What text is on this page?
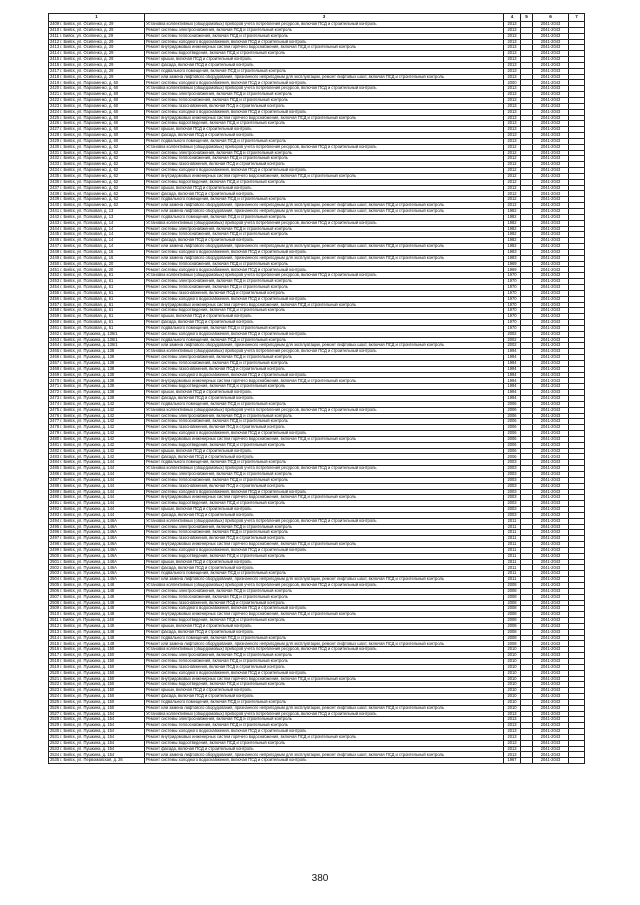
1		3	4	5	6	7
2409 г. Бийск, ул. Осипенко, д. 29		Установка коллективных (общедомовых) приборов учета потребления ресурсов, включая ПСД и строительный контроль	2013		2041-2043	
2410 г. Бийск, ул. Осипенко, д. 29		Ремонт системы электроснабжения, включая ПСД и строительный контроль	2013		2041-2043	
2411 г. Бийск, ул. Осипенко, д. 29		Ремонт системы теплоснабжения, включая ПСД и строительный контроль	2013		2041-2043	
2412 г. Бийск, ул. Осипенко, д. 29		Ремонт системы холодного водоснабжения, включая ПСД и строительный контроль	2013		2041-2043	
2413 г. Бийск, ул. Осипенко, д. 29		Ремонт внутридомовых инженерных систем горячего водоснабжения, включая ПСД и строительный контроль	2013		2041-2043	
2414 г. Бийск, ул. Осипенко, д. 29		Ремонт системы водоотведения, включая ПСД и строительный контроль	2013		2041-2043	
2415 г. Бийск, ул. Осипенко, д. 29		Ремонт крыши, включая ПСД и строительный контроль	2013		2041-2043	
2416 г. Бийск, ул. Осипенко, д. 29		Ремонт фасада, включая ПСД и строительный контроль	2013		2041-2043	
2417 г. Бийск, ул. Осипенко, д. 29		Ремонт подвального помещения, включая ПСД и строительный контроль	2013		2041-2043	
2418 г. Бийск, ул. Осипенко, д. 29		Ремонт или замена лифтового оборудования, признанного непригодным для эксплуатации, ремонт лифтовых шахт, включая ПСД и строительный контроль	2013		2041-2043	
2419 г. Бийск, ул. Пархоменко, д. 60		Ремонт системы холодного водоснабжения, включая ПСД и строительный контроль	2000		2041-2043	
2420 г. Бийск, ул. Пархоменко, д. 60		Установка коллективных (общедомовых) приборов учета потребления ресурсов, включая ПСД и строительный контроль	2013		2041-2043	
2421 г. Бийск, ул. Пархоменко, д. 60		Ремонт системы электроснабжения, включая ПСД и строительный контроль	2013		2041-2043	
2422 г. Бийск, ул. Пархоменко, д. 60		Ремонт системы теплоснабжения, включая ПСД и строительный контроль	2013		2041-2043	
2423 г. Бийск, ул. Пархоменко, д. 60		Ремонт системы газоснабжения, включая ПСД и строительный контроль	2013		2041-2043	
2424 г. Бийск, ул. Пархоменко, д. 60		Ремонт системы холодного водоснабжения, включая ПСД и строительный контроль	2013		2041-2043	
2425 г. Бийск, ул. Пархоменко, д. 60		Ремонт внутридомовых инженерных систем горячего водоснабжения, включая ПСД и строительный контроль	2013		2041-2043	
2426 г. Бийск, ул. Пархоменко, д. 60		Ремонт системы водоотведения, включая ПСД и строительный контроль	2013		2041-2043	
2427 г. Бийск, ул. Пархоменко, д. 60		Ремонт крыши, включая ПСД и строительный контроль	2013		2041-2043	
2428 г. Бийск, ул. Пархоменко, д. 60		Ремонт фасада, включая ПСД и строительный контроль	2013		2041-2043	
2429 г. Бийск, ул. Пархоменко, д. 60		Ремонт подвального помещения, включая ПСД и строительный контроль	2013		2041-2043	
2430 г. Бийск, ул. Пархоменко, д. 62		Установка коллективных (общедомовых) приборов учета потребления ресурсов, включая ПСД и строительный контроль	2012		2041-2043	
2431 г. Бийск, ул. Пархоменко, д. 62		Ремонт системы электроснабжения, включая ПСД и строительный контроль	2012		2041-2043	
2432 г. Бийск, ул. Пархоменко, д. 62		Ремонт системы теплоснабжения, включая ПСД и строительный контроль	2012		2041-2043	
2433 г. Бийск, ул. Пархоменко, д. 62		Ремонт системы газоснабжения, включая ПСД и строительный контроль	2012		2041-2043	
2434 г. Бийск, ул. Пархоменко, д. 62		Ремонт системы холодного водоснабжения, включая ПСД и строительный контроль	2012		2041-2043	
2435 г. Бийск, ул. Пархоменко, д. 62		Ремонт внутридомовых инженерных систем горячего водоснабжения, включая ПСД и строительный контроль	2012		2041-2043	
2436 г. Бийск, ул. Пархоменко, д. 62		Ремонт системы водоотведения, включая ПСД и строительный контроль	2012		2041-2043	
2437 г. Бийск, ул. Пархоменко, д. 62		Ремонт крыши, включая ПСД и строительный контроль	2012		2041-2043	
2438 г. Бийск, ул. Пархоменко, д. 62		Ремонт фасада, включая ПСД и строительный контроль	2012		2041-2043	
2439 г. Бийск, ул. Пархоменко, д. 62		Ремонт подвального помещения, включая ПСД и строительный контроль	2012		2041-2043	
2440 г. Бийск, ул. Пархоменко, д. 62		Ремонт или замена лифтового оборудования, признанного непригодным для эксплуатации, ремонт лифтовых шахт, включая ПСД и строительный контроль	2012		2041-2043	
2441 г. Бийск, ул. Полковая, д. 13		Ремонт или замена лифтового оборудования, признанного непригодным для эксплуатации, ремонт лифтовых шахт, включая ПСД и строительный контроль	1982		2041-2043	
2442 г. Бийск, ул. Полковая, д. 13		Ремонт подвального помещения, включая ПСД и строительный контроль	1982		2041-2043	
2443 г. Бийск, ул. Полковая, д. 14		Установка коллективных (общедомовых) приборов учета потребления ресурсов, включая ПСД и строительный контроль	1982		2041-2043	
2444 г. Бийск, ул. Полковая, д. 14		Ремонт системы электроснабжения, включая ПСД и строительный контроль	1982		2041-2043	
2445 г. Бийск, ул. Полковая, д. 14		Ремонт системы теплоснабжения, включая ПСД и строительный контроль	1982		2041-2043	
2446 г. Бийск, ул. Полковая, д. 14		Ремонт фасада, включая ПСД и строительный контроль	1982		2041-2043	
2447 г. Бийск, ул. Полковая, д. 14		Ремонт или замена лифтового оборудования, признанного непригодным для эксплуатации, ремонт лифтовых шахт, включая ПСД и строительный контроль	1982		2041-2043	
2448 г. Бийск, ул. Полковая, д. 16		Ремонт системы холодного водоснабжения, включая ПСД и строительный контроль	1983		2041-2043	
2449 г. Бийск, ул. Полковая, д. 16		Ремонт или замена лифтового оборудования, признанного непригодным для эксплуатации, ремонт лифтовых шахт, включая ПСД и строительный контроль	1983		2041-2043	
2450 г. Бийск, ул. Полковая, д. 20		Ремонт системы теплоснабжения, включая ПСД и строительный контроль	1969		2041-2043	
2451 г. Бийск, ул. Полковая, д. 20		Ремонт системы холодного водоснабжения, включая ПСД и строительный контроль	1969		2041-2043	
2452 г. Бийск, ул. Полковая, д. 61		Установка коллективных (общедомовых) приборов учета потребления ресурсов, включая ПСД и строительный контроль	1970		2041-2043	
2453 г. Бийск, ул. Полковая, д. 61		Ремонт системы электроснабжения, включая ПСД и строительный контроль	1970		2041-2043	
2454 г. Бийск, ул. Полковая, д. 61		Ремонт системы теплоснабжения, включая ПСД и строительный контроль	1970		2041-2043	
2455 г. Бийск, ул. Полковая, д. 61		Ремонт системы газоснабжения, включая ПСД и строительный контроль	1970		2041-2043	
2456 г. Бийск, ул. Полковая, д. 61		Ремонт системы холодного водоснабжения, включая ПСД и строительный контроль	1970		2041-2043	
2457 г. Бийск, ул. Полковая, д. 61		Ремонт внутридомовых инженерных систем горячего водоснабжения, включая ПСД и строительный контроль	1970		2041-2043	
2458 г. Бийск, ул. Полковая, д. 61		Ремонт системы водоотведения, включая ПСД и строительный контроль	1970		2041-2043	
2459 г. Бийск, ул. Полковая, д. 61		Ремонт крыши, включая ПСД и строительный контроль	1970		2041-2043	
2460 г. Бийск, ул. Полковая, д. 61		Ремонт фасада, включая ПСД и строительный контроль	1970		2041-2043	
2461 г. Бийск, ул. Полковая, д. 61		Ремонт подвального помещения, включая ПСД и строительный контроль	1970		2041-2043	
2462 г. Бийск, ул. Пушкина, д. 136/1		Ремонт системы холодного водоснабжения, включая ПСД и строительный контроль	2002		2041-2043	
2463 г. Бийск, ул. Пушкина, д. 136/1		Ремонт подвального помещения, включая ПСД и строительный контроль	2002		2041-2043	
2464 г. Бийск, ул. Пушкина, д. 136/1		Ремонт или замена лифтового оборудования, признанного непригодным для эксплуатации, ремонт лифтовых шахт, включая ПСД и строительный контроль	2002		2041-2043	
2465 г. Бийск, ул. Пушкина, д. 138		Установка коллективных (общедомовых) приборов учета потребления ресурсов, включая ПСД и строительный контроль	1994		2041-2043	
2466 г. Бийск, ул. Пушкина, д. 138		Ремонт системы электроснабжения, включая ПСД и строительный контроль	1994		2041-2043	
2467 г. Бийск, ул. Пушкина, д. 138		Ремонт системы теплоснабжения, включая ПСД и строительный контроль	1994		2041-2043	
2468 г. Бийск, ул. Пушкина, д. 138		Ремонт системы газоснабжения, включая ПСД и строительный контроль	1994		2041-2043	
2469 г. Бийск, ул. Пушкина, д. 138		Ремонт системы холодного водоснабжения, включая ПСД и строительный контроль	1994		2041-2043	
2470 г. Бийск, ул. Пушкина, д. 138		Ремонт внутридомовых инженерных систем горячего водоснабжения, включая ПСД и строительный контроль	1994		2041-2043	
2471 г. Бийск, ул. Пушкина, д. 138		Ремонт системы водоотведения, включая ПСД и строительный контроль	1994		2041-2043	
2472 г. Бийск, ул. Пушкина, д. 138		Ремонт крыши, включая ПСД и строительный контроль	1994		2041-2043	
2473 г. Бийск, ул. Пушкина, д. 138		Ремонт фасада, включая ПСД и строительный контроль	1994		2041-2043	
2474 г. Бийск, ул. Пушкина, д. 142		Ремонт подвального помещения, включая ПСД и строительный контроль	2006		2041-2043	
2475 г. Бийск, ул. Пушкина, д. 142		Установка коллективных (общедомовых) приборов учета потребления ресурсов, включая ПСД и строительный контроль	2006		2041-2043	
2476 г. Бийск, ул. Пушкина, д. 142		Ремонт системы электроснабжения, включая ПСД и строительный контроль	2006		2041-2043	
2477 г. Бийск, ул. Пушкина, д. 142		Ремонт системы теплоснабжения, включая ПСД и строительный контроль	2006		2041-2043	
2478 г. Бийск, ул. Пушкина, д. 142		Ремонт системы газоснабжения, включая ПСД и строительный контроль	2006		2041-2043	
2479 г. Бийск, ул. Пушкина, д. 142		Ремонт системы холодного водоснабжения, включая ПСД и строительный контроль	2006		2041-2043	
2480 г. Бийск, ул. Пушкина, д. 142		Ремонт внутридомовых инженерных систем горячего водоснабжения, включая ПСД и строительный контроль	2006		2041-2043	
2481 г. Бийск, ул. Пушкина, д. 142		Ремонт системы водоотведения, включая ПСД и строительный контроль	2006		2041-2043	
2482 г. Бийск, ул. Пушкина, д. 142		Ремонт крыши, включая ПСД и строительный контроль	2006		2041-2043	
2483 г. Бийск, ул. Пушкина, д. 142		Ремонт фасада, включая ПСД и строительный контроль	2006		2041-2043	
2484 г. Бийск, ул. Пушкина, д. 144		Ремонт подвального помещения, включая ПСД и строительный контроль	2003		2041-2043	
2485 г. Бийск, ул. Пушкина, д. 144		Установка коллективных (общедомовых) приборов учета потребления ресурсов, включая ПСД и строительный контроль	2003		2041-2043	
2486 г. Бийск, ул. Пушкина, д. 144		Ремонт системы электроснабжения, включая ПСД и строительный контроль	2003		2041-2043	
2487 г. Бийск, ул. Пушкина, д. 144		Ремонт системы теплоснабжения, включая ПСД и строительный контроль	2003		2041-2043	
2488 г. Бийск, ул. Пушкина, д. 144		Ремонт системы газоснабжения, включая ПСД и строительный контроль	2003		2041-2043	
2489 г. Бийск, ул. Пушкина, д. 144		Ремонт системы холодного водоснабжения, включая ПСД и строительный контроль	2003		2041-2043	
2490 г. Бийск, ул. Пушкина, д. 144		Ремонт внутридомовых инженерных систем горячего водоснабжения, включая ПСД и строительный контроль	2003		2041-2043	
2491 г. Бийск, ул. Пушкина, д. 144		Ремонт системы водоотведения, включая ПСД и строительный контроль	2003		2041-2043	
2492 г. Бийск, ул. Пушкина, д. 144		Ремонт крыши, включая ПСД и строительный контроль	2003		2041-2043	
2493 г. Бийск, ул. Пушкина, д. 144		Ремонт фасада, включая ПСД и строительный контроль	2003		2041-2043	
2494 г. Бийск, ул. Пушкина, д. 146А		Установка коллективных (общедомовых) приборов учета потребления ресурсов, включая ПСД и строительный контроль	2011		2041-2043	
2495 г. Бийск, ул. Пушкина, д. 146А		Ремонт системы электроснабжения, включая ПСД и строительный контроль	2011		2041-2043	
2496 г. Бийск, ул. Пушкина, д. 146А		Ремонт системы теплоснабжения, включая ПСД и строительный контроль	2011		2041-2043	
2497 г. Бийск, ул. Пушкина, д. 146А		Ремонт системы газоснабжения, включая ПСД и строительный контроль	2011		2041-2043	
2498 г. Бийск, ул. Пушкина, д. 146А		Ремонт внутридомовых инженерных систем горячего водоснабжения, включая ПСД и строительный контроль	2011		2041-2043	
2499 г. Бийск, ул. Пушкина, д. 146А		Ремонт системы холодного водоснабжения, включая ПСД и строительный контроль	2011		2041-2043	
2500 г. Бийск, ул. Пушкина, д. 146А		Ремонт системы водоотведения, включая ПСД и строительный контроль	2011		2041-2043	
2501 г. Бийск, ул. Пушкина, д. 146А		Ремонт крыши, включая ПСД и строительный контроль	2011		2041-2043	
2502 г. Бийск, ул. Пушкина, д. 146А		Ремонт фасада, включая ПСД и строительный контроль	2011		2041-2043	
2503 г. Бийск, ул. Пушкина, д. 146А		Ремонт подвального помещения, включая ПСД и строительный контроль	2011		2041-2043	
2504 г. Бийск, ул. Пушкина, д. 146А		Ремонт или замена лифтового оборудования, признанного непригодным для эксплуатации, ремонт лифтовых шахт, включая ПСД и строительный контроль	2011		2041-2043	
2505 г. Бийск, ул. Пушкина, д. 148		Установка коллективных (общедомовых) приборов учета потребления ресурсов, включая ПСД и строительный контроль	2008		2041-2043	
2506 г. Бийск, ул. Пушкина, д. 148		Ремонт системы электроснабжения, включая ПСД и строительный контроль	2008		2041-2043	
2507 г. Бийск, ул. Пушкина, д. 148		Ремонт системы теплоснабжения, включая ПСД и строительный контроль	2008		2041-2043	
2508 г. Бийск, ул. Пушкина, д. 148		Ремонт системы газоснабжения, включая ПСД и строительный контроль	2008		2041-2043	
2509 г. Бийск, ул. Пушкина, д. 148		Ремонт системы холодного водоснабжения, включая ПСД и строительный контроль	2008		2041-2043	
2510 г. Бийск, ул. Пушкина, д. 148		Ремонт внутридомовых инженерных систем горячего водоснабжения, включая ПСД и строительный контроль	2008		2041-2043	
2511 г. Бийск, ул. Пушкина, д. 148		Ремонт системы водоотведения, включая ПСД и строительный контроль	2008		2041-2043	
2512 г. Бийск, ул. Пушкина, д. 148		Ремонт крыши, включая ПСД и строительный контроль	2008		2041-2043	
2513 г. Бийск, ул. Пушкина, д. 148		Ремонт фасада, включая ПСД и строительный контроль	2008		2041-2043	
2514 г. Бийск, ул. Пушкина, д. 148		Ремонт подвального помещения, включая ПСД и строительный контроль	2008		2041-2043	
2515 г. Бийск, ул. Пушкина, д. 148		Ремонт или замена лифтового оборудования, признанного непригодным для эксплуатации, ремонт лифтовых шахт, включая ПСД и строительный контроль	2008		2041-2043	
2516 г. Бийск, ул. Пушкина, д. 150		Установка коллективных (общедомовых) приборов учета потребления ресурсов, включая ПСД и строительный контроль	2010		2041-2043	
2517 г. Бийск, ул. Пушкина, д. 150		Ремонт системы электроснабжения, включая ПСД и строительный контроль	2010		2041-2043	
2518 г. Бийск, ул. Пушкина, д. 150		Ремонт системы теплоснабжения, включая ПСД и строительный контроль	2010		2041-2043	
2519 г. Бийск, ул. Пушкина, д. 150		Ремонт системы газоснабжения, включая ПСД и строительный контроль	2010		2041-2043	
2520 г. Бийск, ул. Пушкина, д. 150		Ремонт системы холодного водоснабжения, включая ПСД и строительный контроль	2010		2041-2043	
2521 г. Бийск, ул. Пушкина, д. 150		Ремонт внутридомовых инженерных систем горячего водоснабжения, включая ПСД и строительный контроль	2010		2041-2043	
2522 г. Бийск, ул. Пушкина, д. 150		Ремонт системы водоотведения, включая ПСД и строительный контроль	2010		2041-2043	
2523 г. Бийск, ул. Пушкина, д. 150		Ремонт крыши, включая ПСД и строительный контроль	2010		2041-2043	
2524 г. Бийск, ул. Пушкина, д. 150		Ремонт фасада, включая ПСД и строительный контроль	2010		2041-2043	
2525 г. Бийск, ул. Пушкина, д. 150		Ремонт подвального помещения, включая ПСД и строительный контроль	2010		2041-2043	
2526 г. Бийск, ул. Пушкина, д. 150		Ремонт или замена лифтового оборудования, признанного непригодным для эксплуатации, ремонт лифтовых шахт, включая ПСД и строительный контроль	2010		2041-2043	
2527 г. Бийск, ул. Пушкина, д. 154		Установка коллективных (общедомовых) приборов учета потребления ресурсов, включая ПСД и строительный контроль	2013		2041-2043	
2528 г. Бийск, ул. Пушкина, д. 154		Ремонт системы электроснабжения, включая ПСД и строительный контроль	2013		2041-2043	
2529 г. Бийск, ул. Пушкина, д. 154		Ремонт системы теплоснабжения, включая ПСД и строительный контроль	2013		2041-2043	
2530 г. Бийск, ул. Пушкина, д. 154		Ремонт системы холодного водоснабжения, включая ПСД и строительный контроль	2013		2041-2043	
2531 г. Бийск, ул. Пушкина, д. 154		Ремонт внутридомовых инженерных систем горячего водоснабжения, включая ПСД и строительный контроль	2013		2041-2043	
2532 г. Бийск, ул. Пушкина, д. 154		Ремонт системы водоотведения, включая ПСД и строительный контроль	2013		2041-2043	
2533 г. Бийск, ул. Пушкина, д. 154		Ремонт фасада, включая ПСД и строительный контроль	2013		2041-2043	
2534 г. Бийск, ул. Пушкина, д. 154		Ремонт или замена лифтового оборудования, признанного непригодным для эксплуатации, ремонт лифтовых шахт, включая ПСД и строительный контроль	2013		2041-2043	
2535 г. Бийск, ул. Первомайская, д. 26		Ремонт системы холодного водоснабжения, включая ПСД и строительный контроль	1967		2041-2043	
380
